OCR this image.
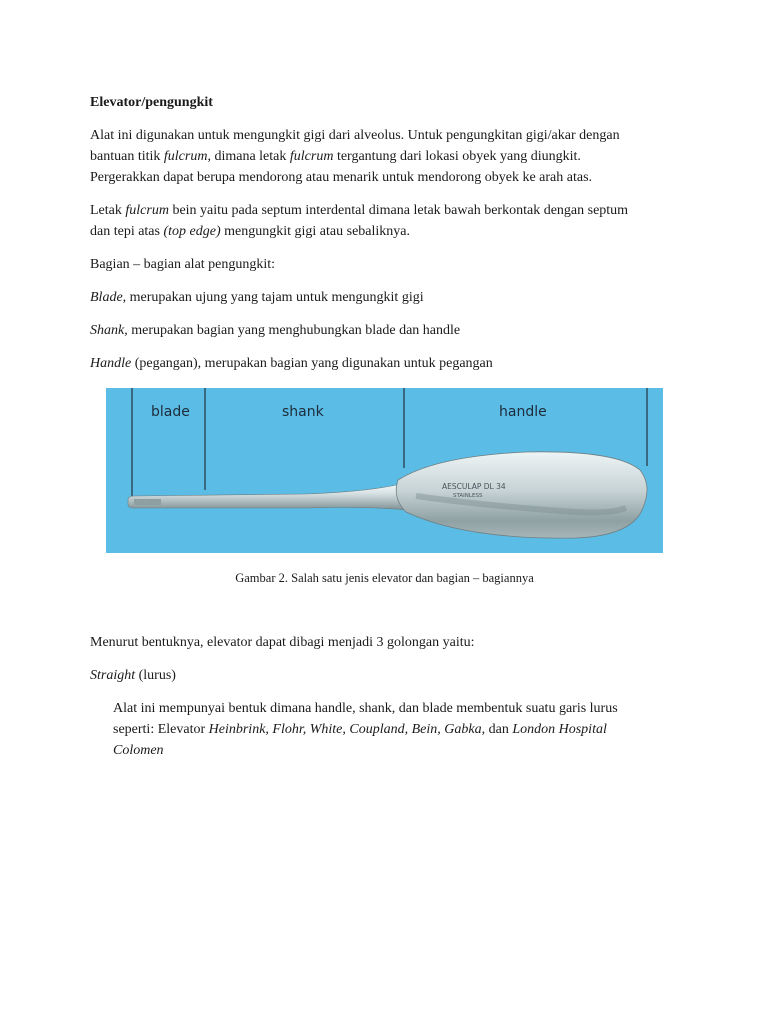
Elevator/pengungkit

Alat ini digunakan untuk mengungkit gigi dari alveolus. Untuk pengungkitan gigi/akar dengan
bantuan titik fulcrum, dimana letak fulcrum tergantung dari lokasi obyek yang diungkit.
Pergerakkan dapat berupa mendorong atau menarik untuk mendorong obyek ke arah atas.
Letak fulcrum bein yaitu pada septum interdental dimana letak bawah berkontak dengan septum
dan tepi atas (top edge) mengungkit gigi atau sebaliknya.

Bagian – bagian alat pengungkit:

Blade, merupakan ujung yang tajam untuk mengungkit gigi

Shank, merupakan bagian yang menghubungkan blade dan handle

Handle (pegangan), merupakan bagian yang digunakan untuk pegangan

AESCULAP DL 34
STAINLESS
blade	shank	handle
Gambar 2. Salah satu jenis elevator dan bagian – bagiannya

Menurut bentuknya, elevator dapat dibagi menjadi 3 golongan yaitu:

Straight (lurus)

Alat ini mempunyai bentuk dimana handle, shank, dan blade membentuk suatu garis lurus
seperti: Elevator Heinbrink, Flohr, White, Coupland, Bein, Gabka, dan London Hospital
Colomen
